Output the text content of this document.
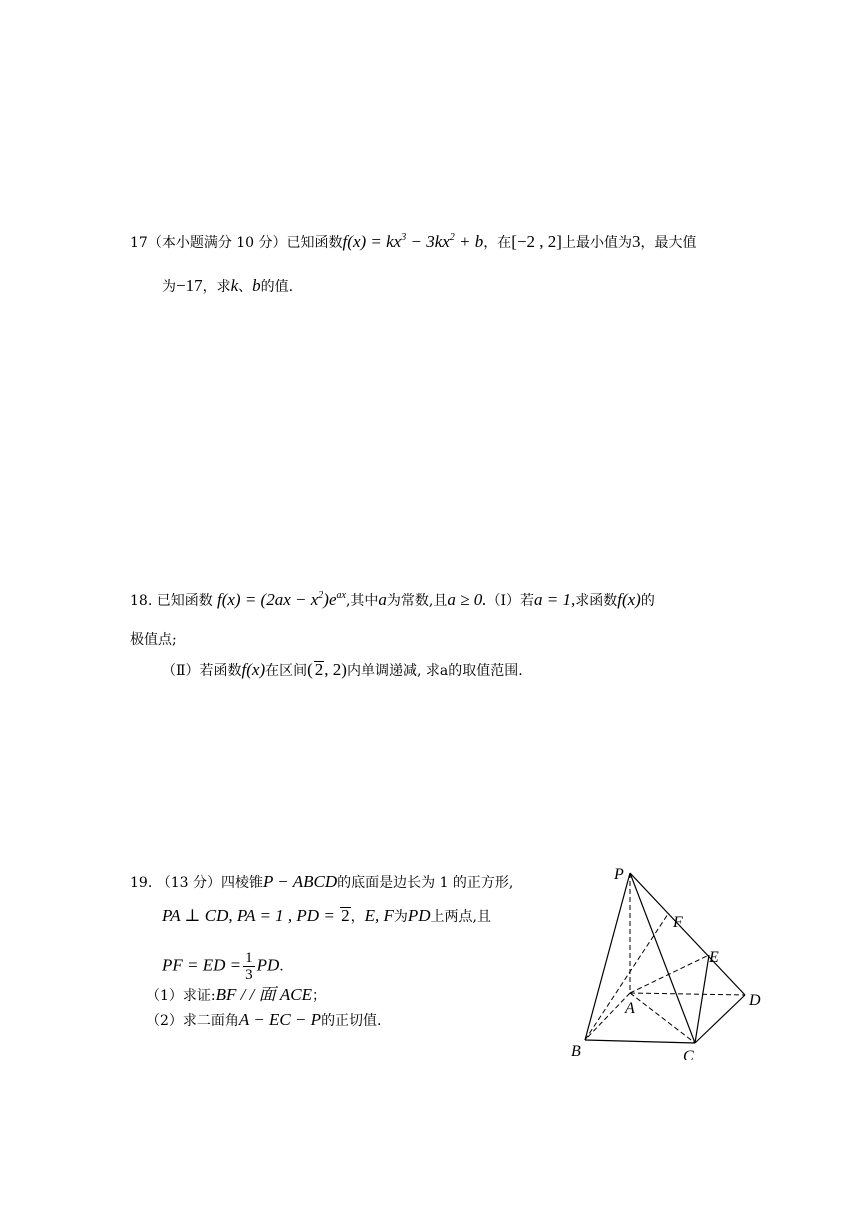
17（本小题满分 10 分）已知函数$f(x) = kx^3 - 3kx^2 + b$，在[−2 , 2]上最小值为3，最大值
为−17，求k、b的值.
18. 已知函数 $f(x) = (2ax - x^2)e^{ax}$,其中a为常数,且a ≥ 0.（Ⅰ）若a = 1,求函数f(x)的
极值点;
（Ⅱ）若函数f(x)在区间( 2, 2)内单调递减, 求a的取值范围.
19. （13 分）四棱锥P − ABCD的底面是边长为 1 的正方形,
PA ⊥ CD, PA = 1 , PD = 2，E, F为PD上两点,且
PF = ED = $\frac{1}{3}$ PD.
（1）求证:BF / / 面 ACE；
（2）求二面角A − EC − P的正切值.
P
F
E
A	D
B	C
